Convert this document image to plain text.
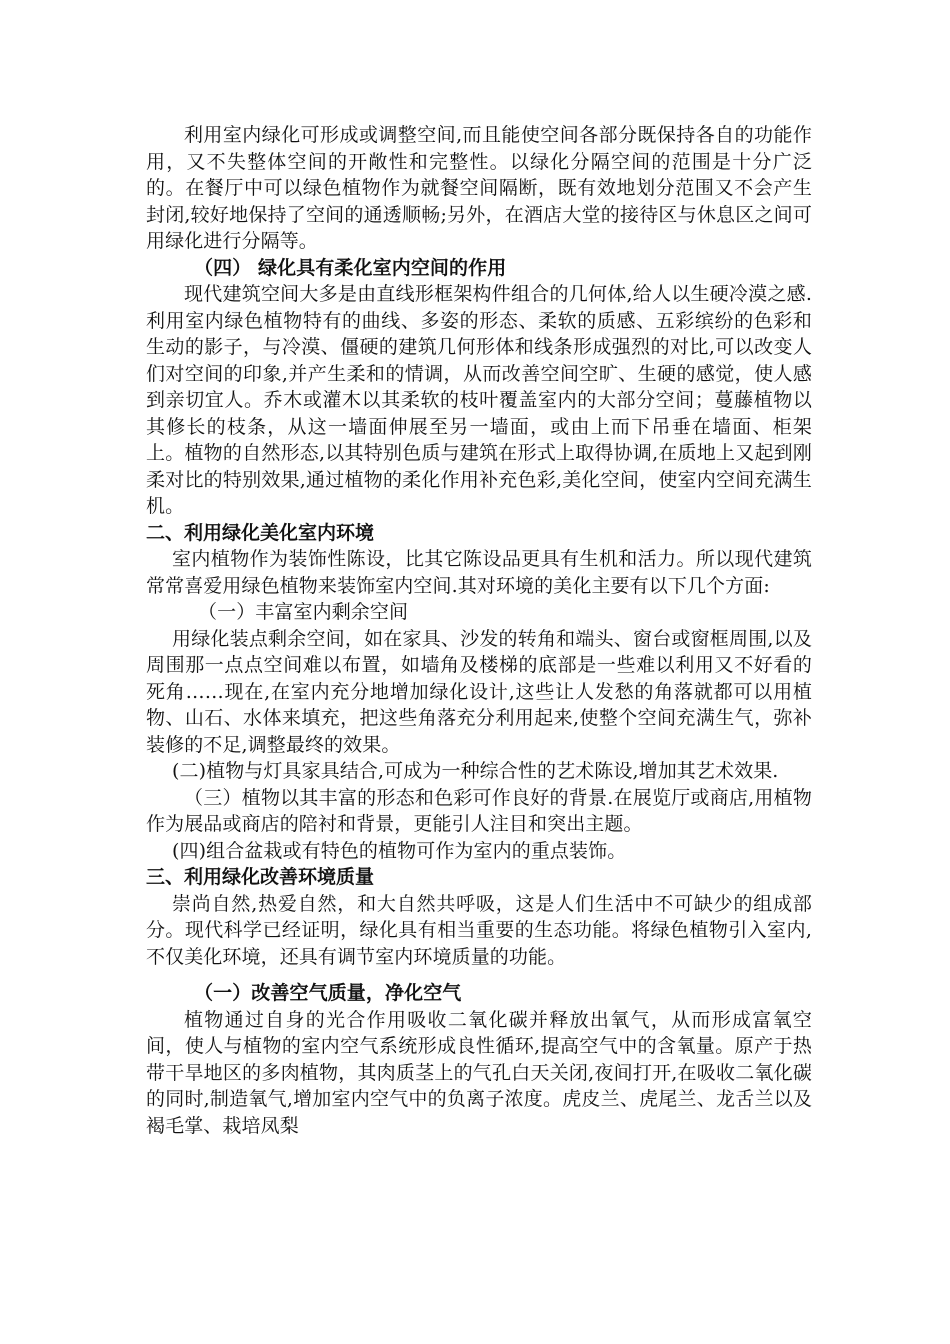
利用室内绿化可形成或调整空间,而且能使空间各部分既保持各自的功能作用，又不失整体空间的开敞性和完整性。以绿化分隔空间的范围是十分广泛的。在餐厅中可以绿色植物作为就餐空间隔断，既有效地划分范围又不会产生封闭,较好地保持了空间的通透顺畅;另外，在酒店大堂的接待区与休息区之间可用绿化进行分隔等。

（四） 绿化具有柔化室内空间的作用

现代建筑空间大多是由直线形框架构件组合的几何体,给人以生硬冷漠之感.利用室内绿色植物特有的曲线、多姿的形态、柔软的质感、五彩缤纷的色彩和生动的影子，与冷漠、僵硬的建筑几何形体和线条形成强烈的对比,可以改变人们对空间的印象,并产生柔和的情调，从而改善空间空旷、生硬的感觉，使人感到亲切宜人。乔木或灌木以其柔软的枝叶覆盖室内的大部分空间；蔓藤植物以其修长的枝条，从这一墙面伸展至另一墙面，或由上而下吊垂在墙面、柜架上。植物的自然形态,以其特别色质与建筑在形式上取得协调,在质地上又起到刚柔对比的特别效果,通过植物的柔化作用补充色彩,美化空间，使室内空间充满生机。

二、利用绿化美化室内环境

室内植物作为装饰性陈设，比其它陈设品更具有生机和活力。所以现代建筑常常喜爱用绿色植物来装饰室内空间.其对环境的美化主要有以下几个方面:

（一）丰富室内剩余空间

用绿化装点剩余空间，如在家具、沙发的转角和端头、窗台或窗框周围,以及周围那一点点空间难以布置，如墙角及楼梯的底部是一些难以利用又不好看的死角……现在,在室内充分地增加绿化设计,这些让人发愁的角落就都可以用植物、山石、水体来填充，把这些角落充分利用起来,使整个空间充满生气，弥补装修的不足,调整最终的效果。

(二)植物与灯具家具结合,可成为一种综合性的艺术陈设,增加其艺术效果.

（三）植物以其丰富的形态和色彩可作良好的背景.在展览厅或商店,用植物作为展品或商店的陪衬和背景，更能引人注目和突出主题。

(四)组合盆栽或有特色的植物可作为室内的重点装饰。

三、利用绿化改善环境质量

崇尚自然,热爱自然，和大自然共呼吸，这是人们生活中不可缺少的组成部分。现代科学已经证明，绿化具有相当重要的生态功能。将绿色植物引入室内,不仅美化环境，还具有调节室内环境质量的功能。

（一）改善空气质量，净化空气

植物通过自身的光合作用吸收二氧化碳并释放出氧气，从而形成富氧空间，使人与植物的室内空气系统形成良性循环,提高空气中的含氧量。原产于热带干旱地区的多肉植物，其肉质茎上的气孔白天关闭,夜间打开,在吸收二氧化碳的同时,制造氧气,增加室内空气中的负离子浓度。虎皮兰、虎尾兰、龙舌兰以及褐毛掌、栽培凤梨
